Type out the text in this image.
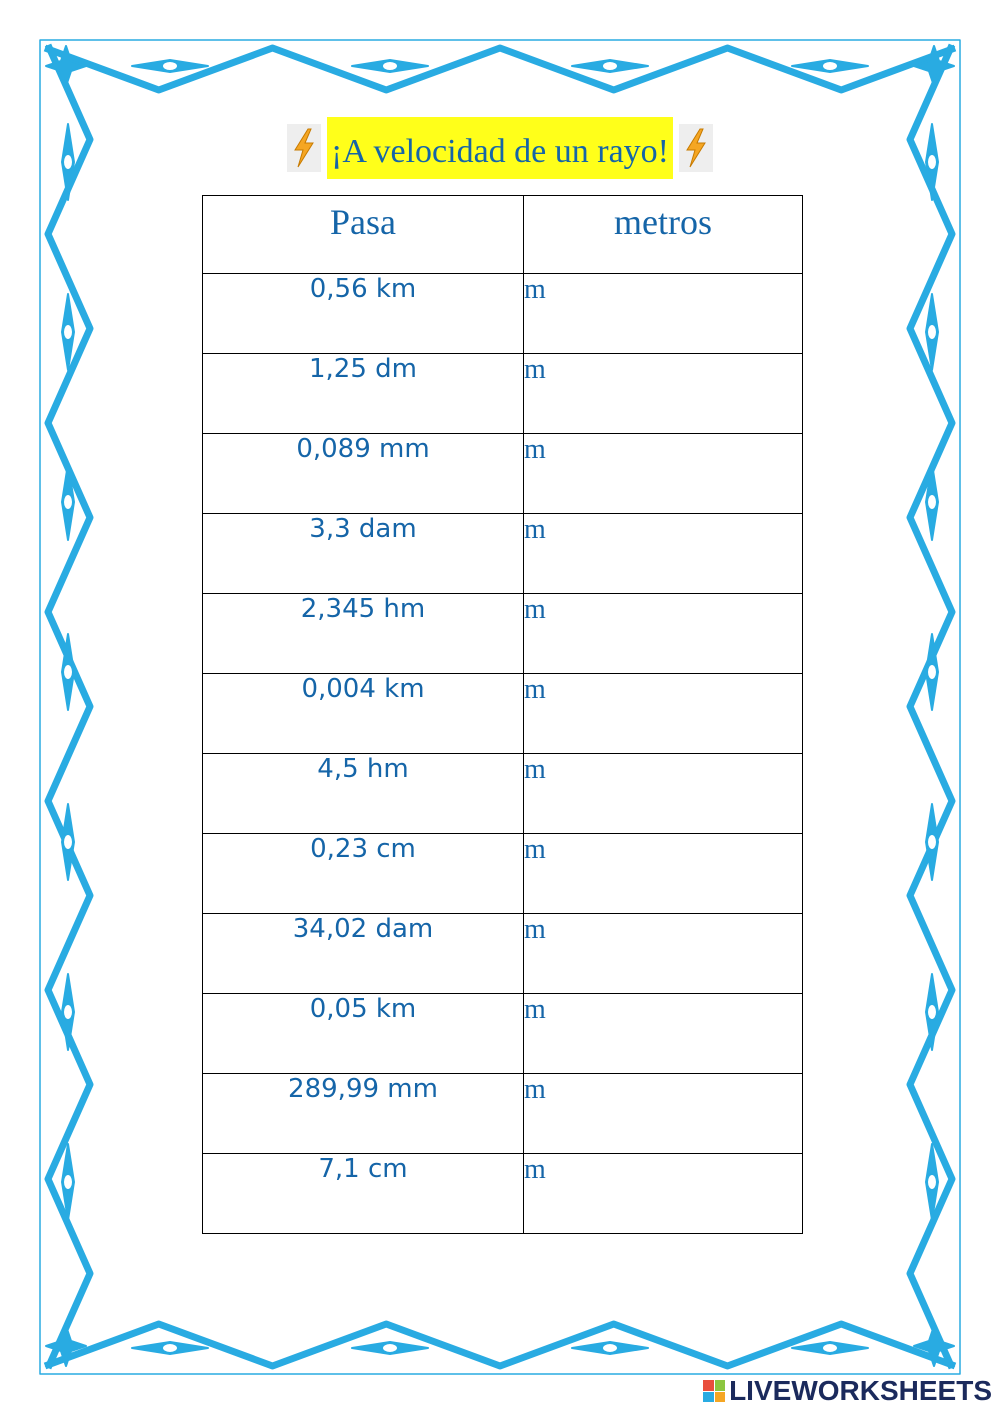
¡A velocidad de un rayo!
Pasa	metros
0,56 km	m
1,25 dm	m
0,089 mm	m
3,3 dam	m
2,345 hm	m
0,004 km	m
4,5 hm	m
0,23 cm	m
34,02 dam	m
0,05 km	m
289,99 mm	m
7,1 cm	m
LIVEWORKSHEETS
